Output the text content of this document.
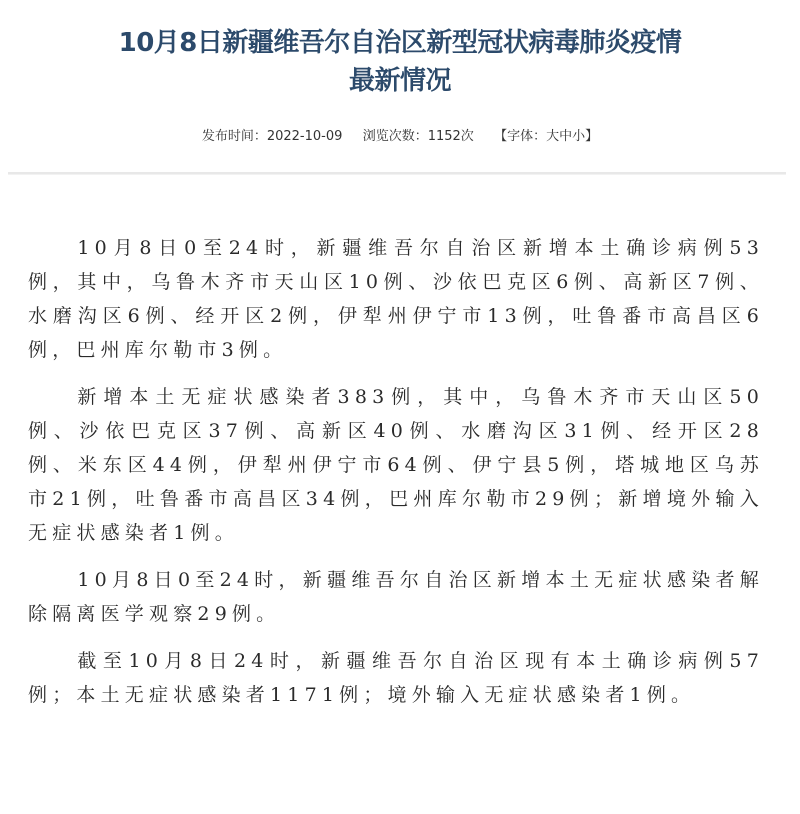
10月8日新疆维吾尔自治区新型冠状病毒肺炎疫情
最新情况
发布时间：2022-10-09 浏览次数：1152次 【字体：大中小】

10月8日0至24时，新疆维吾尔自治区新增本土确诊病例53例，其中，乌鲁木齐市天山区10例、沙依巴克区6例、高新区7例、水磨沟区6例、经开区2例，伊犁州伊宁市13例，吐鲁番市高昌区6例，巴州库尔勒市3例。

新增本土无症状感染者383例，其中，乌鲁木齐市天山区50例、沙依巴克区37例、高新区40例、水磨沟区31例、经开区28例、米东区44例，伊犁州伊宁市64例、伊宁县5例，塔城地区乌苏市21例，吐鲁番市高昌区34例，巴州库尔勒市29例；新增境外输入无症状感染者1例。

10月8日0至24时，新疆维吾尔自治区新增本土无症状感染者解除隔离医学观察29例。

截至10月8日24时，新疆维吾尔自治区现有本土确诊病例57例；本土无症状感染者1171例；境外输入无症状感染者1例。
